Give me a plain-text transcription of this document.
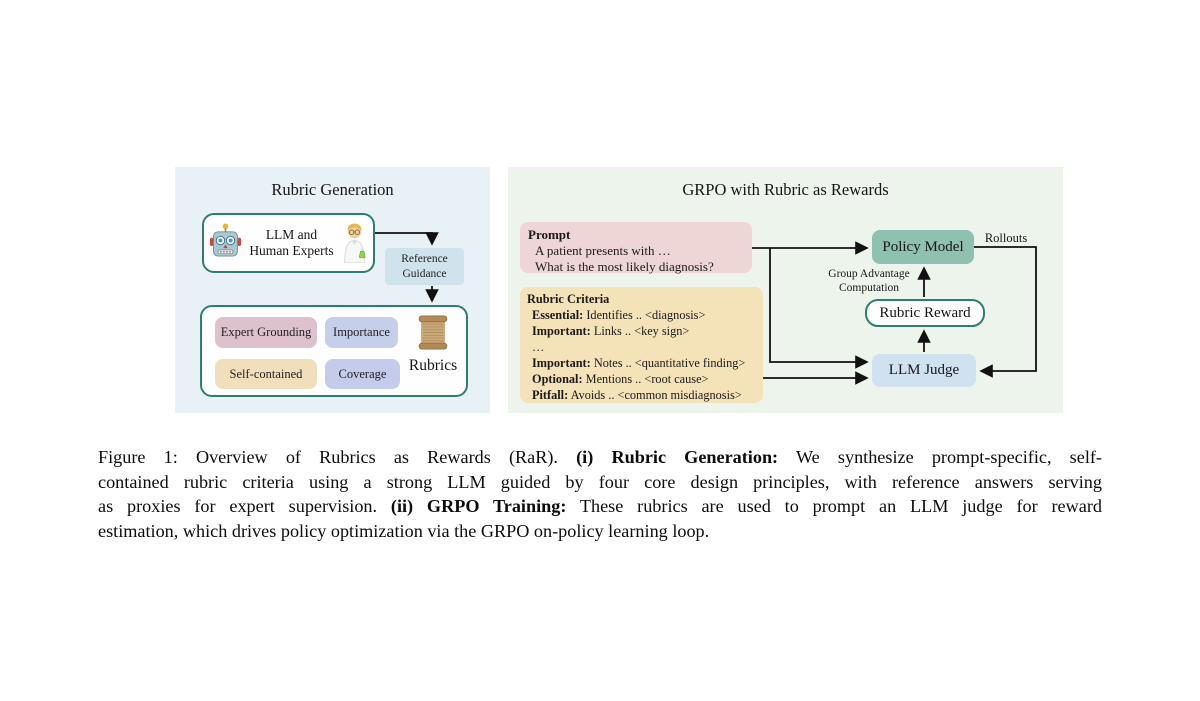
Rubric Generation
LLM and
Human Experts
Reference
Guidance
Expert Grounding	Importance
Self-contained	Coverage	Rubrics
GRPO with Rubric as Rewards
Prompt
A patient presents with …
What is the most likely diagnosis?
Rubric Criteria
Essential: Identifies .. <diagnosis>
Important: Links .. <key sign>
…
Important: Notes .. <quantitative finding>
Optional: Mentions .. <root cause>
Pitfall: Avoids .. <common misdiagnosis>
Policy Model
Rubric Reward
LLM Judge
Rollouts
Group Advantage
Computation
Figure 1: Overview of Rubrics as Rewards (RaR). (i) Rubric Generation: We synthesize prompt-specific, self-
contained rubric criteria using a strong LLM guided by four core design principles, with reference answers serving
as proxies for expert supervision. (ii) GRPO Training: These rubrics are used to prompt an LLM judge for reward
estimation, which drives policy optimization via the GRPO on-policy learning loop.
